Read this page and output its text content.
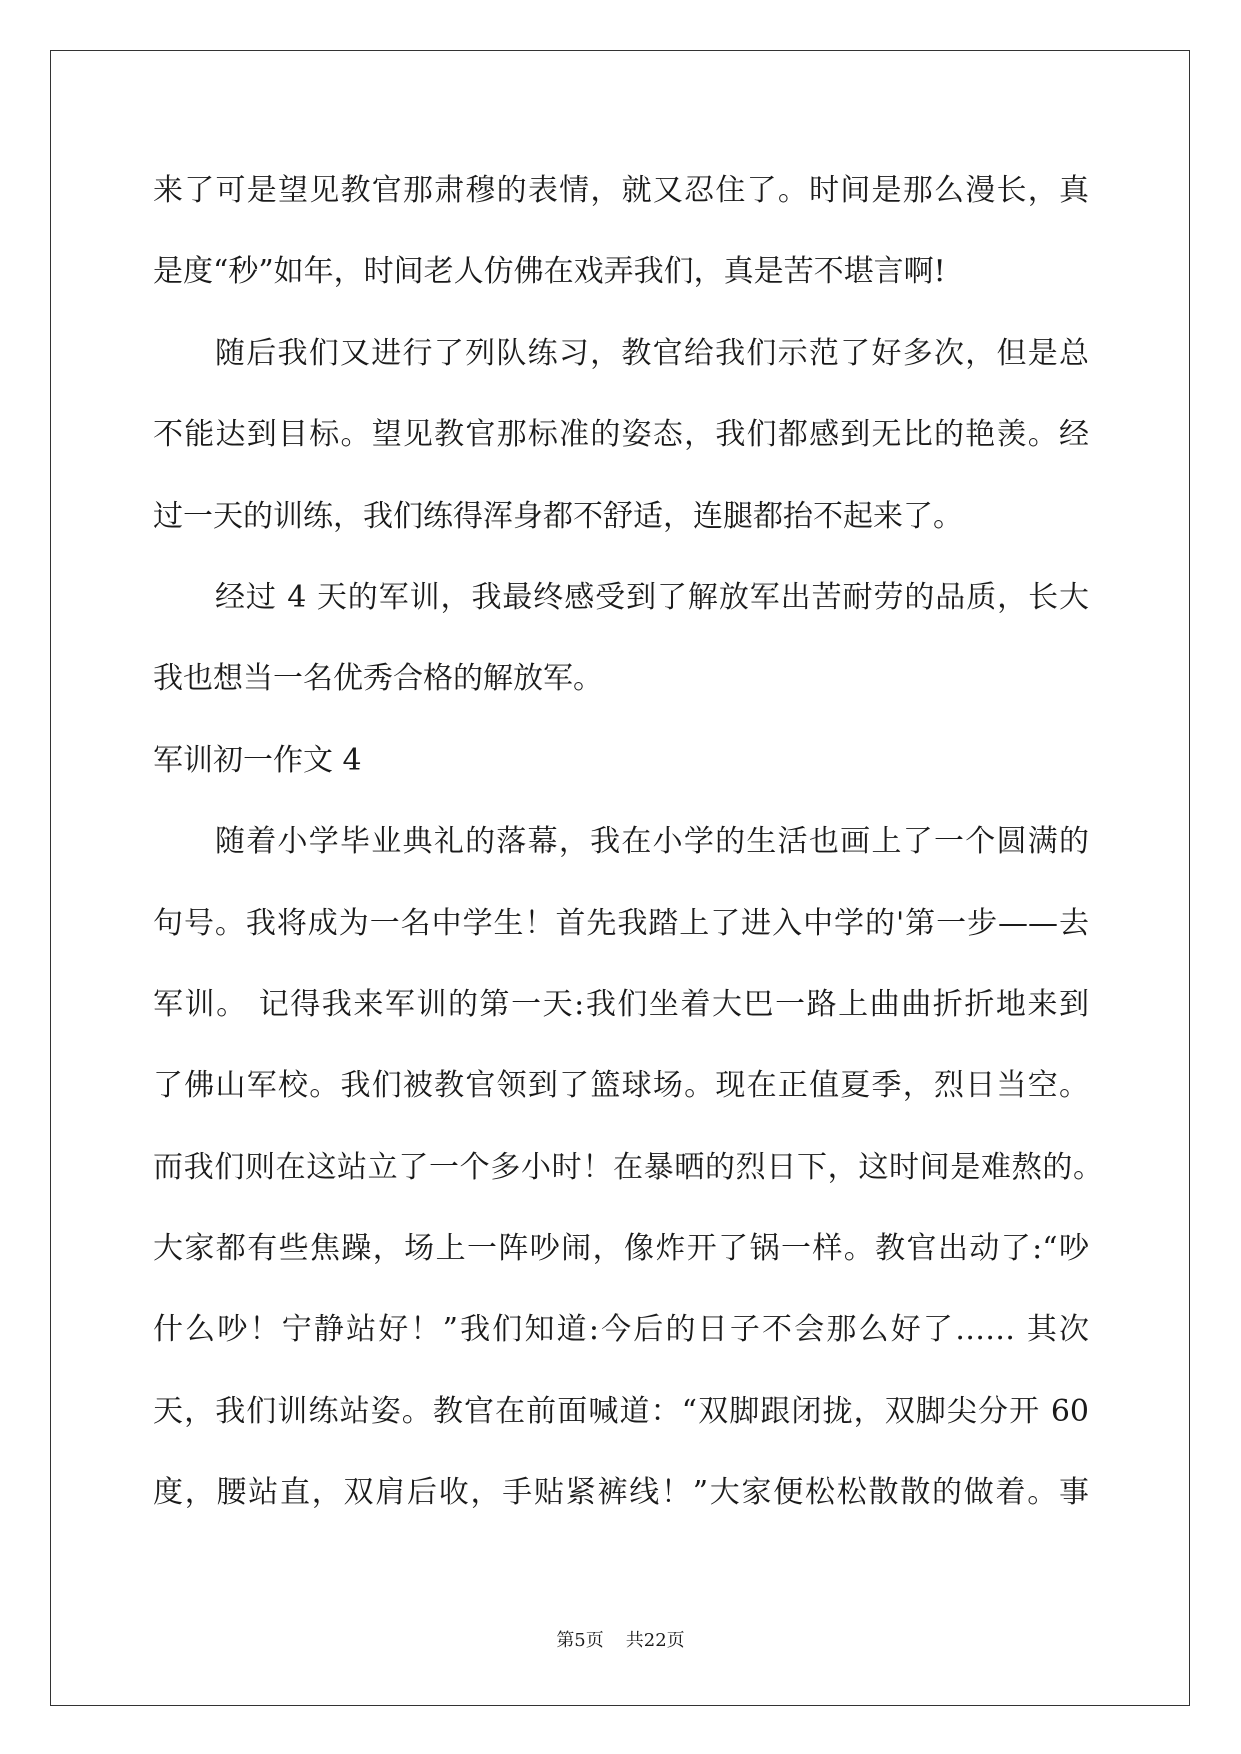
来了可是望见教官那肃穆的表情，就又忍住了。时间是那么漫长，真
是度“秒”如年，时间老人仿佛在戏弄我们，真是苦不堪言啊!
随后我们又进行了列队练习，教官给我们示范了好多次，但是总
不能达到目标。望见教官那标准的姿态，我们都感到无比的艳羡。经
过一天的训练，我们练得浑身都不舒适，连腿都抬不起来了。
经过 4 天的军训，我最终感受到了解放军出苦耐劳的品质，长大
我也想当一名优秀合格的解放军。
军训初一作文 4
随着小学毕业典礼的落幕，我在小学的生活也画上了一个圆满的
句号。我将成为一名中学生！首先我踏上了进入中学的'第一步——去
军训。 记得我来军训的第一天:我们坐着大巴一路上曲曲折折地来到
了佛山军校。我们被教官领到了篮球场。现在正值夏季，烈日当空。
而我们则在这站立了一个多小时！在暴晒的烈日下，这时间是难熬的。
大家都有些焦躁，场上一阵吵闹，像炸开了锅一样。教官出动了:“吵
什么吵！宁静站好！”我们知道:今后的日子不会那么好了…… 其次
天，我们训练站姿。教官在前面喊道：“双脚跟闭拢，双脚尖分开 60
度，腰站直，双肩后收，手贴紧裤线！”大家便松松散散的做着。事
第5页 共22页
